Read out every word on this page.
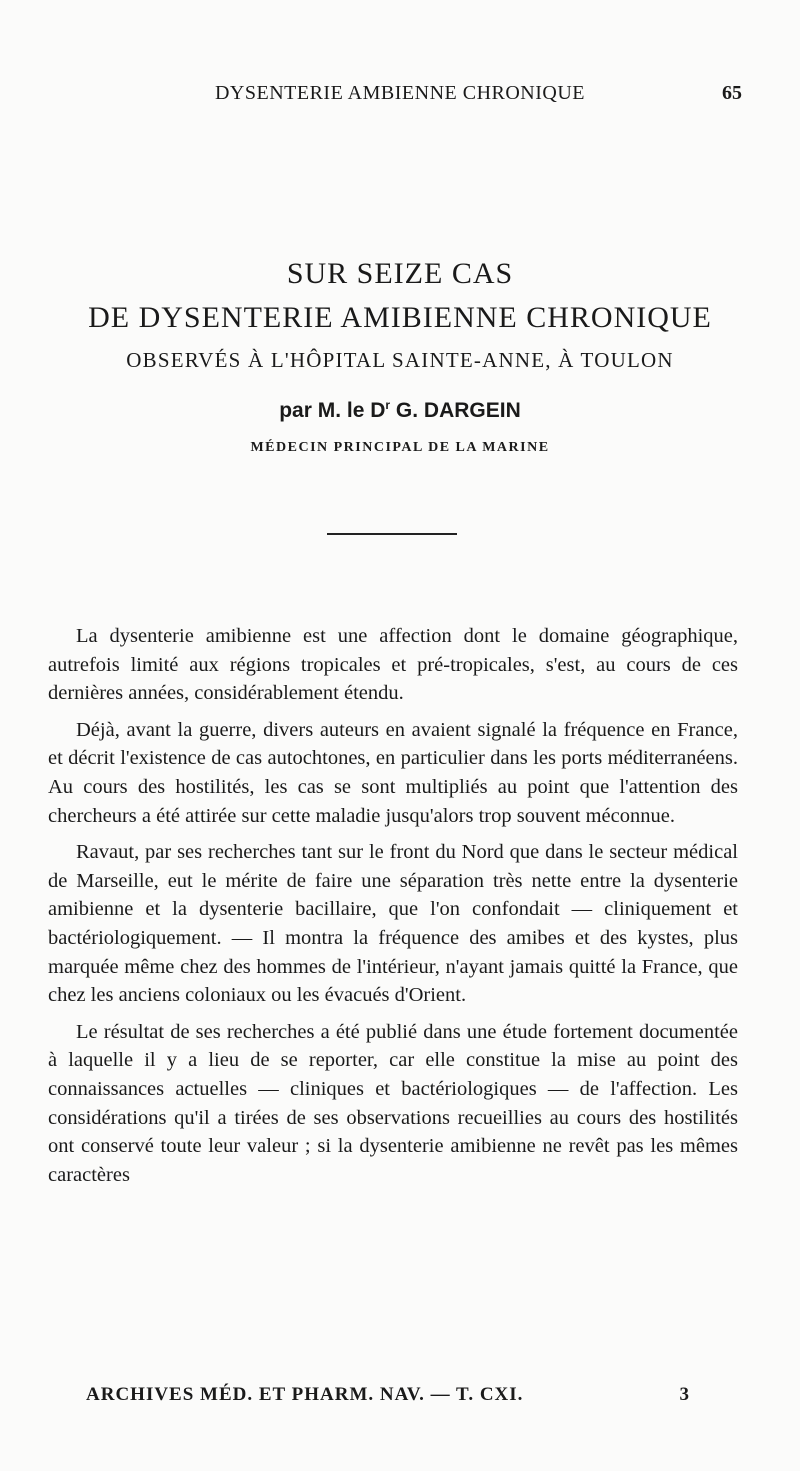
DYSENTERIE AMBIENNE CHRONIQUE	65
SUR SEIZE CAS
DE DYSENTERIE AMIBIENNE CHRONIQUE
OBSERVÉS À L'HÔPITAL SAINTE-ANNE, À TOULON
par M. le $D^r$ G. DARGEIN
MÉDECIN PRINCIPAL DE LA MARINE

La dysenterie amibienne est une affection dont le domaine géographique, autrefois limité aux régions tropicales et pré-tropicales, s'est, au cours de ces dernières années, considérablement étendu.

Déjà, avant la guerre, divers auteurs en avaient signalé la fréquence en France, et décrit l'existence de cas autochtones, en particulier dans les ports méditerranéens. Au cours des hostilités, les cas se sont multipliés au point que l'attention des chercheurs a été attirée sur cette maladie jusqu'alors trop souvent méconnue.

Ravaut, par ses recherches tant sur le front du Nord que dans le secteur médical de Marseille, eut le mérite de faire une séparation très nette entre la dysenterie amibienne et la dysenterie bacillaire, que l'on confondait — cliniquement et bactériologiquement. — Il montra la fréquence des amibes et des kystes, plus marquée même chez des hommes de l'intérieur, n'ayant jamais quitté la France, que chez les anciens coloniaux ou les évacués d'Orient.

Le résultat de ses recherches a été publié dans une étude fortement documentée à laquelle il y a lieu de se reporter, car elle constitue la mise au point des connaissances actuelles — cliniques et bactériologiques — de l'affection. Les considérations qu'il a tirées de ses observations recueillies au cours des hostilités ont conservé toute leur valeur ; si la dysenterie amibienne ne revêt pas les mêmes caractères

ARCHIVES MÉD. ET PHARM. NAV. — T. CXI.	3
